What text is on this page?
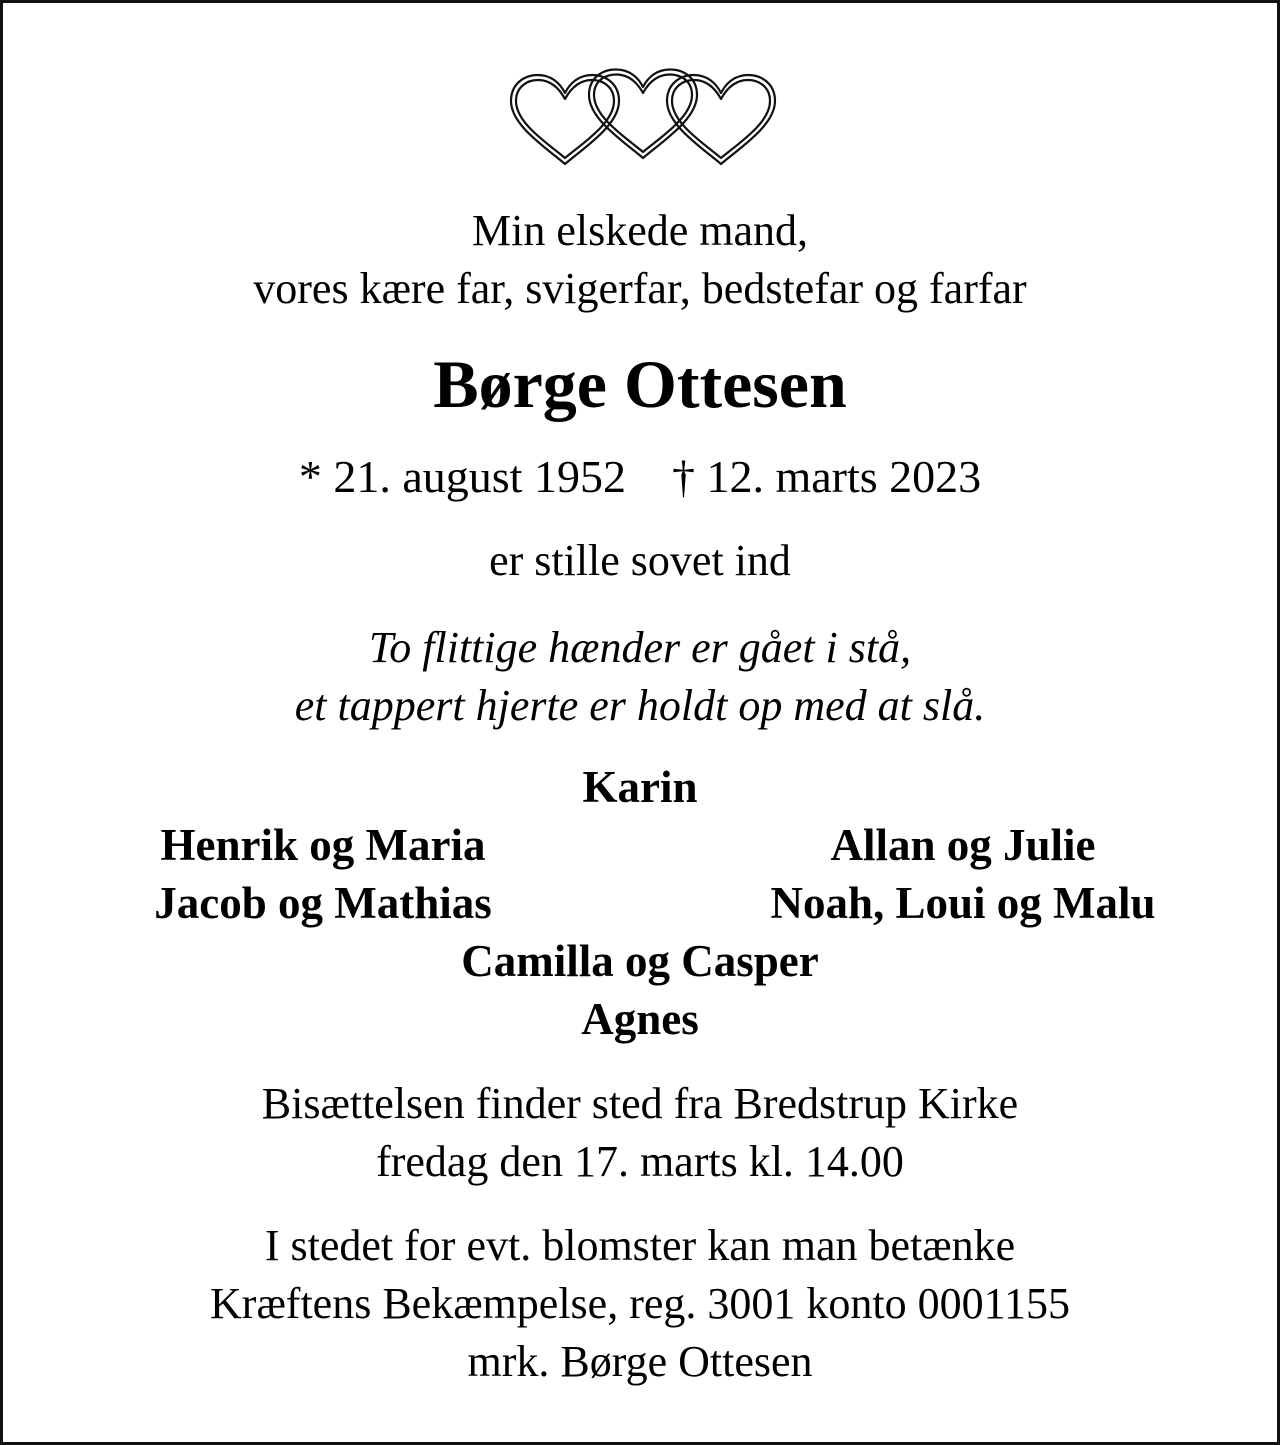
Min elskede mand,
vores kære far, svigerfar, bedstefar og farfar
Børge Ottesen
* 21. august 1952 † 12. marts 2023
er stille sovet ind
To flittige hænder er gået i stå,
et tappert hjerte er holdt op med at slå.
Karin
Henrik og Maria
Jacob og Mathias
Allan og Julie
Noah, Loui og Malu
Camilla og Casper
Agnes
Bisættelsen finder sted fra Bredstrup Kirke
fredag den 17. marts kl. 14.00
I stedet for evt. blomster kan man betænke
Kræftens Bekæmpelse, reg. 3001 konto 0001155
mrk. Børge Ottesen
